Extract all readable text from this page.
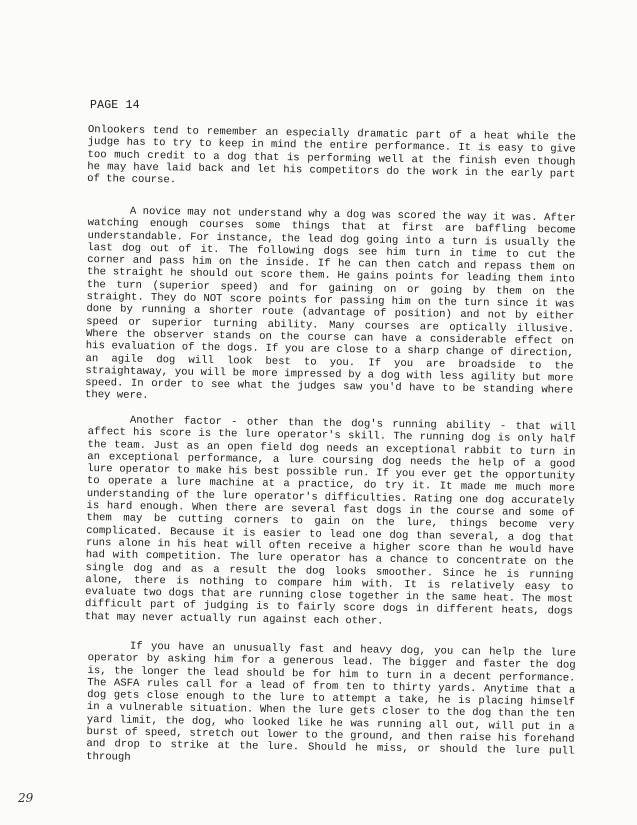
PAGE 14
Onlookers tend to remember an especially dramatic part of a heat while the judge has to try to keep in mind the entire performance. It is easy to give too much credit to a dog that is performing well at the finish even though he may have laid back and let his competitors do the work in the early part of the course.
A novice may not understand why a dog was scored the way it was. After watching enough courses some things that at first are baffling become understandable. For instance, the lead dog going into a turn is usually the last dog out of it. The following dogs see him turn in time to cut the corner and pass him on the inside. If he can then catch and repass them on the straight he should out score them. He gains points for leading them into the turn (superior speed) and for gaining on or going by them on the straight. They do NOT score points for passing him on the turn since it was done by running a shorter route (advantage of position) and not by either speed or superior turning ability. Many courses are optically illusive. Where the observer stands on the course can have a considerable effect on his evaluation of the dogs. If you are close to a sharp change of direction, an agile dog will look best to you. If you are broadside to the straightaway, you will be more impressed by a dog with less agility but more speed. In order to see what the judges saw you'd have to be standing where they were.
Another factor - other than the dog's running ability - that will affect his score is the lure operator's skill. The running dog is only half the team. Just as an open field dog needs an exceptional rabbit to turn in an exceptional performance, a lure coursing dog needs the help of a good lure operator to make his best possible run. If you ever get the opportunity to operate a lure machine at a practice, do try it. It made me much more understanding of the lure operator's difficulties. Rating one dog accurately is hard enough. When there are several fast dogs in the course and some of them may be cutting corners to gain on the lure, things become very complicated. Because it is easier to lead one dog than several, a dog that runs alone in his heat will often receive a higher score than he would have had with competition. The lure operator has a chance to concentrate on the single dog and as a result the dog looks smoother. Since he is running alone, there is nothing to compare him with. It is relatively easy to evaluate two dogs that are running close together in the same heat. The most difficult part of judging is to fairly score dogs in different heats, dogs that may never actually run against each other.
If you have an unusually fast and heavy dog, you can help the lure operator by asking him for a generous lead. The bigger and faster the dog is, the longer the lead should be for him to turn in a decent performance. The ASFA rules call for a lead of from ten to thirty yards. Anytime that a dog gets close enough to the lure to attempt a take, he is placing himself in a vulnerable situation. When the lure gets closer to the dog than the ten yard limit, the dog, who looked like he was running all out, will put in a burst of speed, stretch out lower to the ground, and then raise his forehand and drop to strike at the lure. Should he miss, or should the lure pull through
29
